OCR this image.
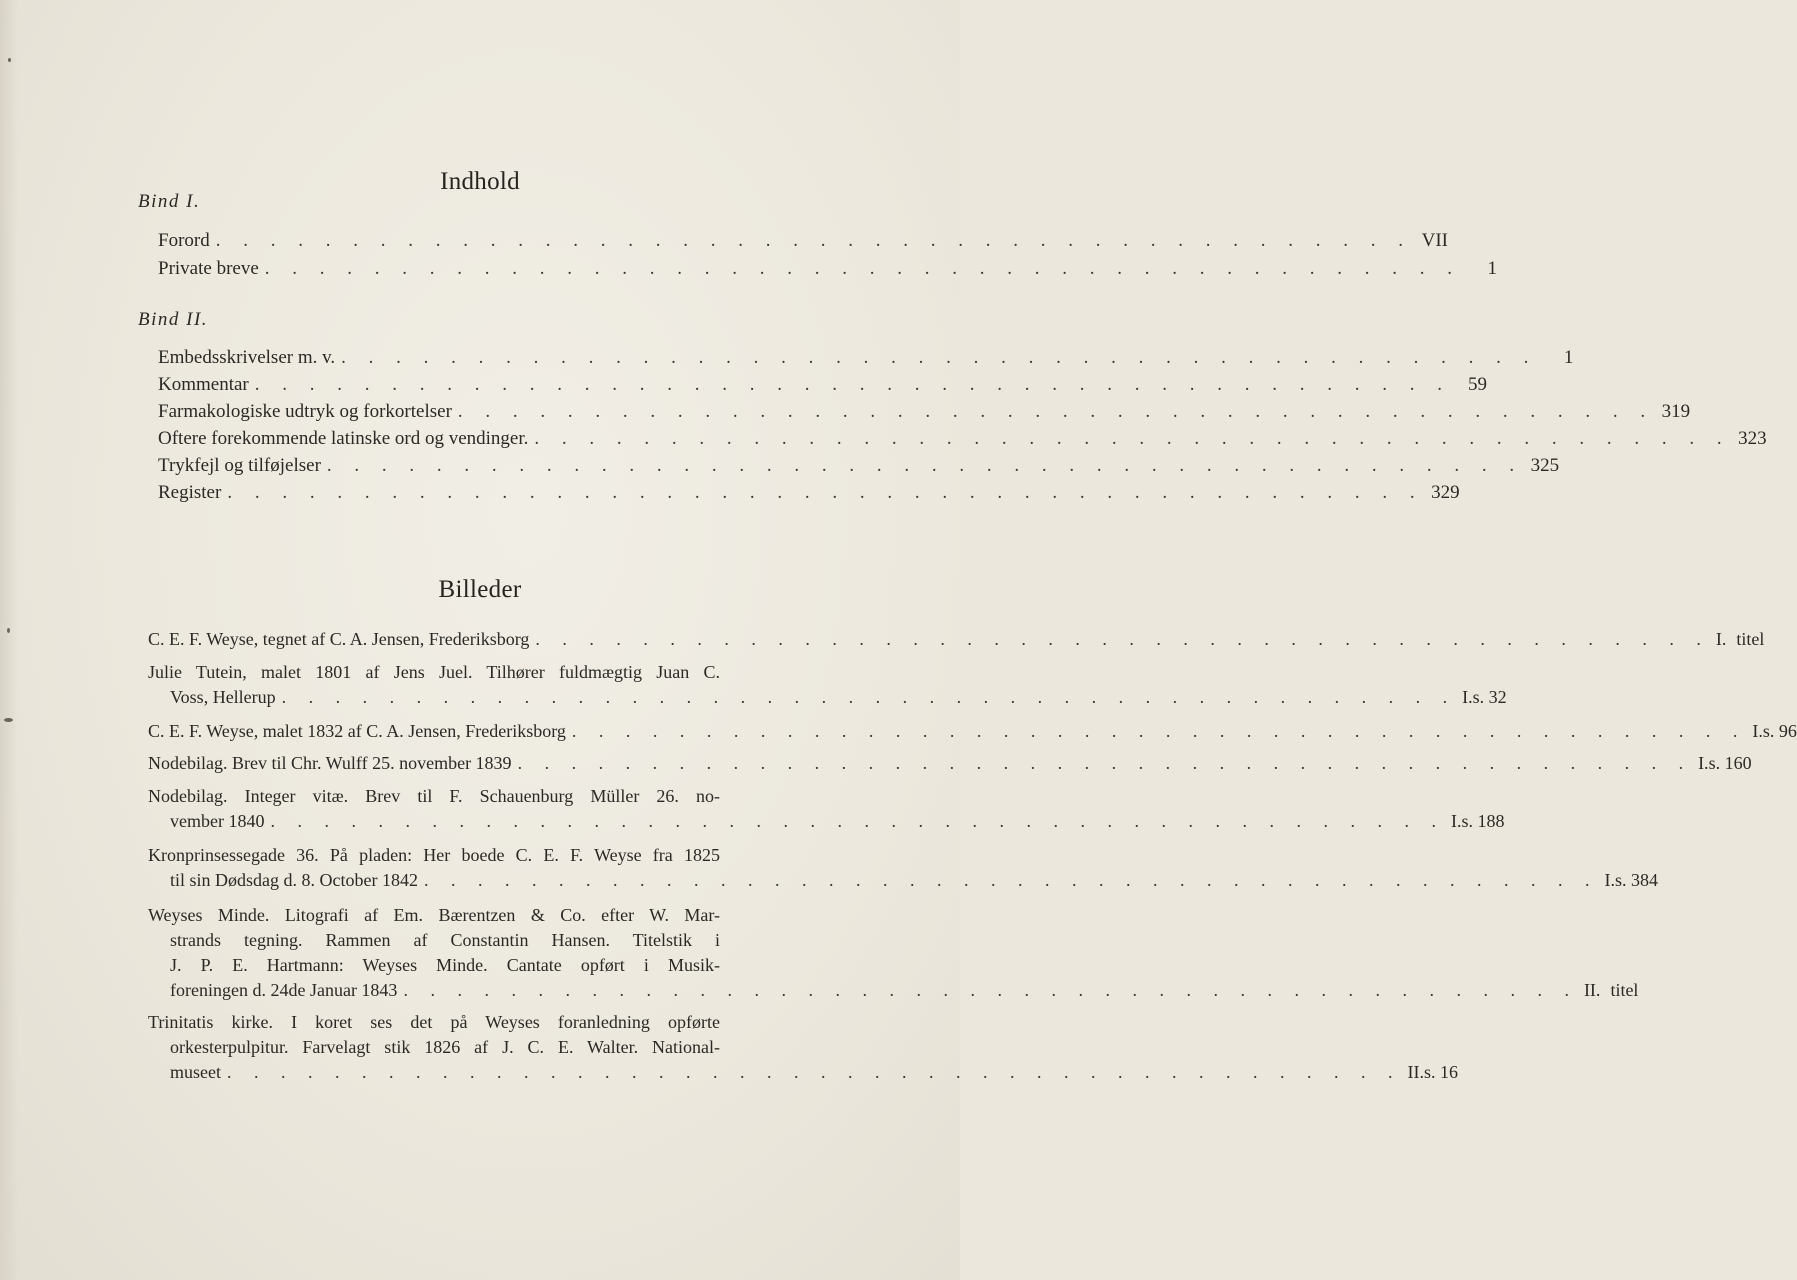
Indhold
Bind I.
Forord . . . . . . . . . . . . . . . . . . . . . . . . . . . . . . . . . . . . . . . . . . . . VII
Private breve . . . . . . . . . . . . . . . . . . . . . . . . . . . . . . . . . . . . . . . . . . . .	1
Bind II.
Embedsskrivelser m. v. . . . . . . . . . . . . . . . . . . . . . . . . . . . . . . . . . . . . . . . . . . . .	1
Kommentar . . . . . . . . . . . . . . . . . . . . . . . . . . . . . . . . . . . . . . . . . . . . 59
Farmakologiske udtryk og forkortelser . . . . . . . . . . . . . . . . . . . . . . . . . . . . . . . . . . . . . . . . . . . . 319
Oftere forekommende latinske ord og vendinger. . . . . . . . . . . . . . . . . . . . . . . . . . . . . . . . . . . . . . . . . . . . . 323
Trykfejl og tilføjelser . . . . . . . . . . . . . . . . . . . . . . . . . . . . . . . . . . . . . . . . . . . . 325
Register . . . . . . . . . . . . . . . . . . . . . . . . . . . . . . . . . . . . . . . . . . . . 329
Billeder
C. E. F. Weyse, tegnet af C. A. Jensen, Frederiksborg . . . . . . . . . . . . . . . . . . . . . . . . . . . . . . . . . . . . . . . . . . . . I. titel
Julie Tutein, malet 1801 af Jens Juel. Tilhører fuldmægtig Juan C.
Voss, Hellerup . . . . . . . . . . . . . . . . . . . . . . . . . . . . . . . . . . . . . . . . . . . . I. s. 32
C. E. F. Weyse, malet 1832 af C. A. Jensen, Frederiksborg . . . . . . . . . . . . . . . . . . . . . . . . . . . . . . . . . . . . . . . . . . . . I. s. 96
Nodebilag. Brev til Chr. Wulff 25. november 1839 . . . . . . . . . . . . . . . . . . . . . . . . . . . . . . . . . . . . . . . . . . . . I. s. 160
Nodebilag. Integer vitæ. Brev til F. Schauenburg Müller 26. no-
vember 1840 . . . . . . . . . . . . . . . . . . . . . . . . . . . . . . . . . . . . . . . . . . . . I. s. 188
Kronprinsessegade 36. På pladen: Her boede C. E. F. Weyse fra 1825
til sin Dødsdag d. 8. October 1842 . . . . . . . . . . . . . . . . . . . . . . . . . . . . . . . . . . . . . . . . . . . . I. s. 384
Weyses Minde. Litografi af Em. Bærentzen & Co. efter W. Mar-
strands tegning. Rammen af Constantin Hansen. Titelstik i
J. P. E. Hartmann: Weyses Minde. Cantate opført i Musik-
foreningen d. 24de Januar 1843 . . . . . . . . . . . . . . . . . . . . . . . . . . . . . . . . . . . . . . . . . . . . II. titel
Trinitatis kirke. I koret ses det på Weyses foranledning opførte
orkesterpulpitur. Farvelagt stik 1826 af J. C. E. Walter. National-
museet . . . . . . . . . . . . . . . . . . . . . . . . . . . . . . . . . . . . . . . . . . . . II. s. 16
